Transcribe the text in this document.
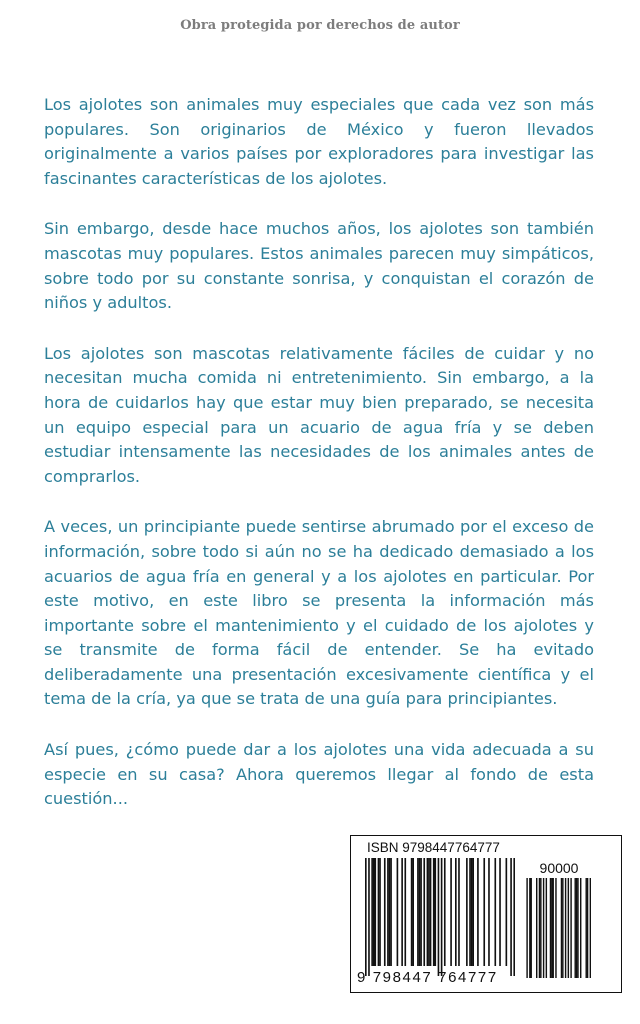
Obra protegida por derechos de autor

Los ajolotes son animales muy especiales que cada vez son más populares. Son originarios de México y fueron llevados originalmente a varios países por exploradores para investigar las fascinantes características de los ajolotes.

Sin embargo, desde hace muchos años, los ajolotes son también mascotas muy populares. Estos animales parecen muy simpáticos, sobre todo por su constante sonrisa, y conquistan el corazón de niños y adultos.

Los ajolotes son mascotas relativamente fáciles de cuidar y no necesitan mucha comida ni entretenimiento. Sin embargo, a la hora de cuidarlos hay que estar muy bien preparado, se necesita un equipo especial para un acuario de agua fría y se deben estudiar intensamente las necesidades de los animales antes de comprarlos.

A veces, un principiante puede sentirse abrumado por el exceso de información, sobre todo si aún no se ha dedicado demasiado a los acuarios de agua fría en general y a los ajolotes en particular. Por este motivo, en este libro se presenta la información más importante sobre el mantenimiento y el cuidado de los ajolotes y se transmite de forma fácil de entender. Se ha evitado deliberadamente una presentación excesivamente científica y el tema de la cría, ya que se trata de una guía para principiantes.

Así pues, ¿cómo puede dar a los ajolotes una vida adecuada a su especie en su casa? Ahora queremos llegar al fondo de esta cuestión...

ISBN 9798447764777
90000
9 798447 764777
